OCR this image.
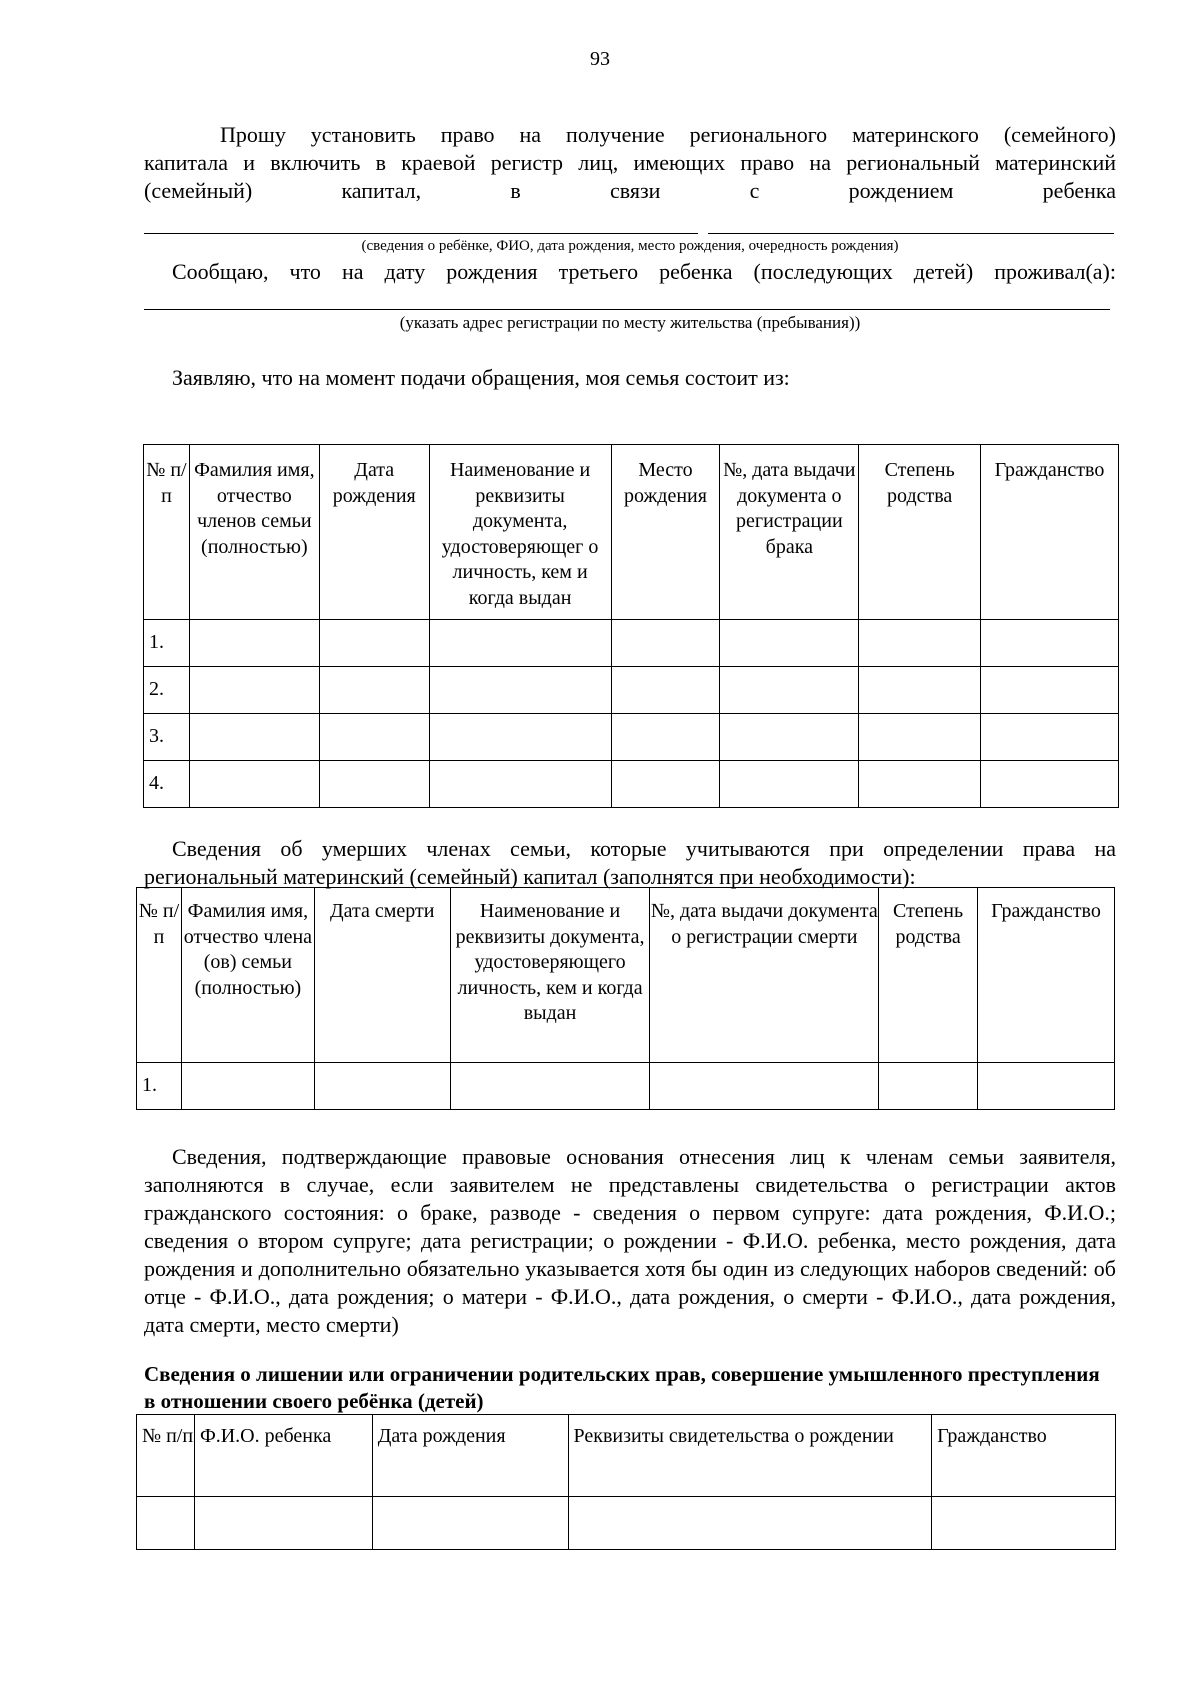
93
Прошу установить право на получение регионального материнского (семейного)
капитала и включить в краевой регистр лиц, имеющих право на региональный материнский
(семейный) капитал, в связи с рождением ребенка
(сведения о ребёнке, ФИО, дата рождения, место рождения, очередность рождения)
Сообщаю, что на дату рождения третьего ребенка (последующих детей) проживал(а):
(указать адрес регистрации по месту жительства (пребывания))
Заявляю, что на момент подачи обращения, моя семья состоит из:
№ п/п	Фамилия имя, отчество членов семьи (полностью)	Дата рождения	Наименование и реквизиты документа, удостоверяющег о личность, кем и когда выдан	Место рождения	№, дата выдачи документа о регистрации брака	Степень родства	Гражданство
1.							
2.							
3.							
4.							
Сведения об умерших членах семьи, которые учитываются при определении права на региональный материнский (семейный) капитал (заполнятся при необходимости):
№ п/п	Фамилия имя, отчество члена (ов) семьи (полностью)	Дата смерти	Наименование и реквизиты документа, удостоверяющего личность, кем и когда выдан	№, дата выдачи документа о регистрации смерти	Степень родства	Гражданство
1.						
Сведения, подтверждающие правовые основания отнесения лиц к членам семьи заявителя, заполняются в случае, если заявителем не представлены свидетельства о регистрации актов гражданского состояния: о браке, разводе - сведения о первом супруге: дата рождения, Ф.И.О.; сведения о втором супруге; дата регистрации; о рождении - Ф.И.О. ребенка, место рождения, дата рождения и дополнительно обязательно указывается хотя бы один из следующих наборов сведений: об отце - Ф.И.О., дата рождения; о матери - Ф.И.О., дата рождения, о смерти - Ф.И.О., дата рождения, дата смерти, место смерти)
Сведения о лишении или ограничении родительских прав, совершение умышленного преступления в отношении своего ребёнка (детей)
№ п/п	Ф.И.О. ребенка	Дата рождения	Реквизиты свидетельства о рождении	Гражданство
